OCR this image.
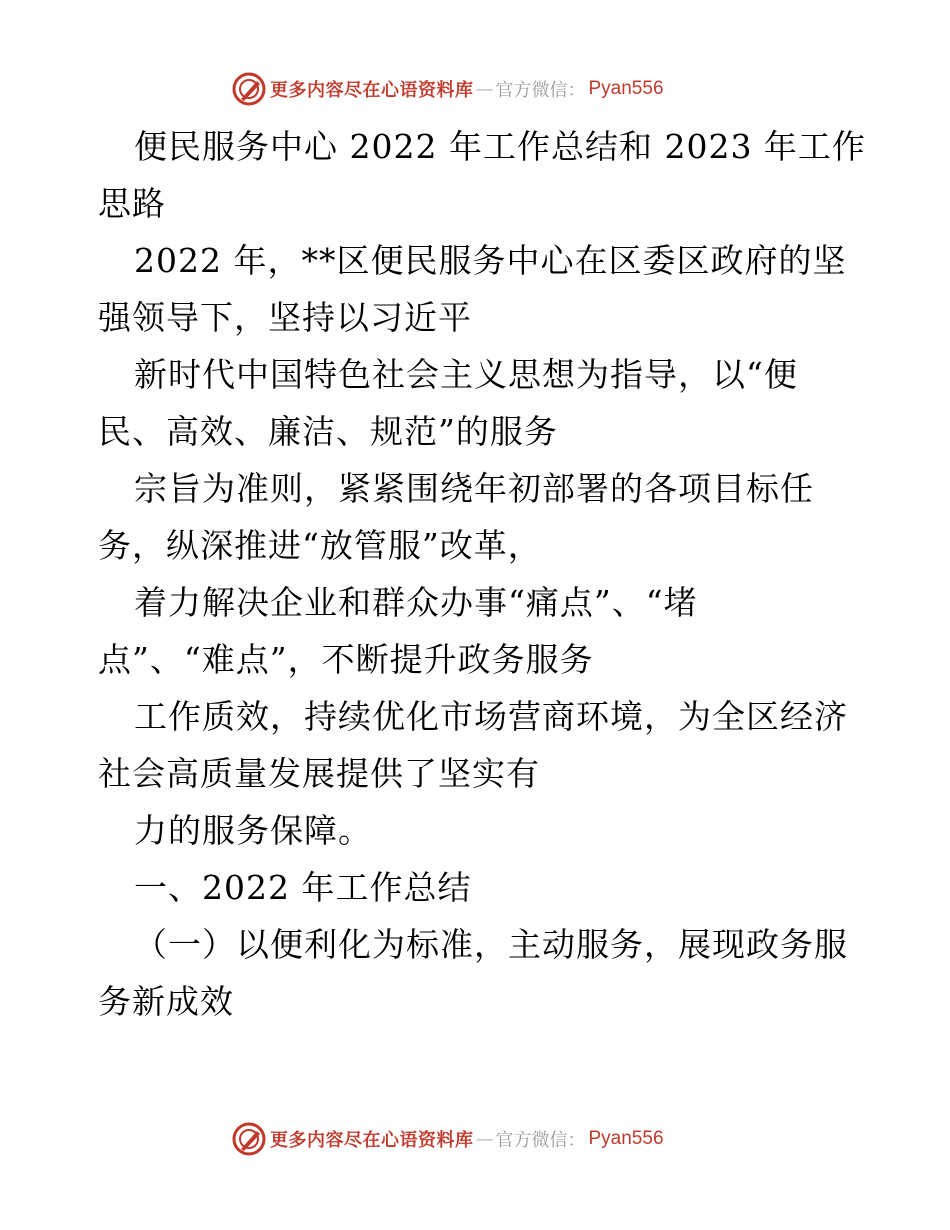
更多内容尽在心语资料库 — 官方微信： Pyan556
便民服务中心 2022 年工作总结和 2023 年工作
思路
2022 年，**区便民服务中心在区委区政府的坚
强领导下，坚持以习近平
新时代中国特色社会主义思想为指导，以“便
民、高效、廉洁、规范”的服务
宗旨为准则，紧紧围绕年初部署的各项目标任
务，纵深推进“放管服”改革，
着力解决企业和群众办事“痛点”、“堵
点”、“难点”，不断提升政务服务
工作质效，持续优化市场营商环境，为全区经济
社会高质量发展提供了坚实有
力的服务保障。
一、2022 年工作总结
（一）以便利化为标准，主动服务，展现政务服
务新成效
更多内容尽在心语资料库 — 官方微信： Pyan556
